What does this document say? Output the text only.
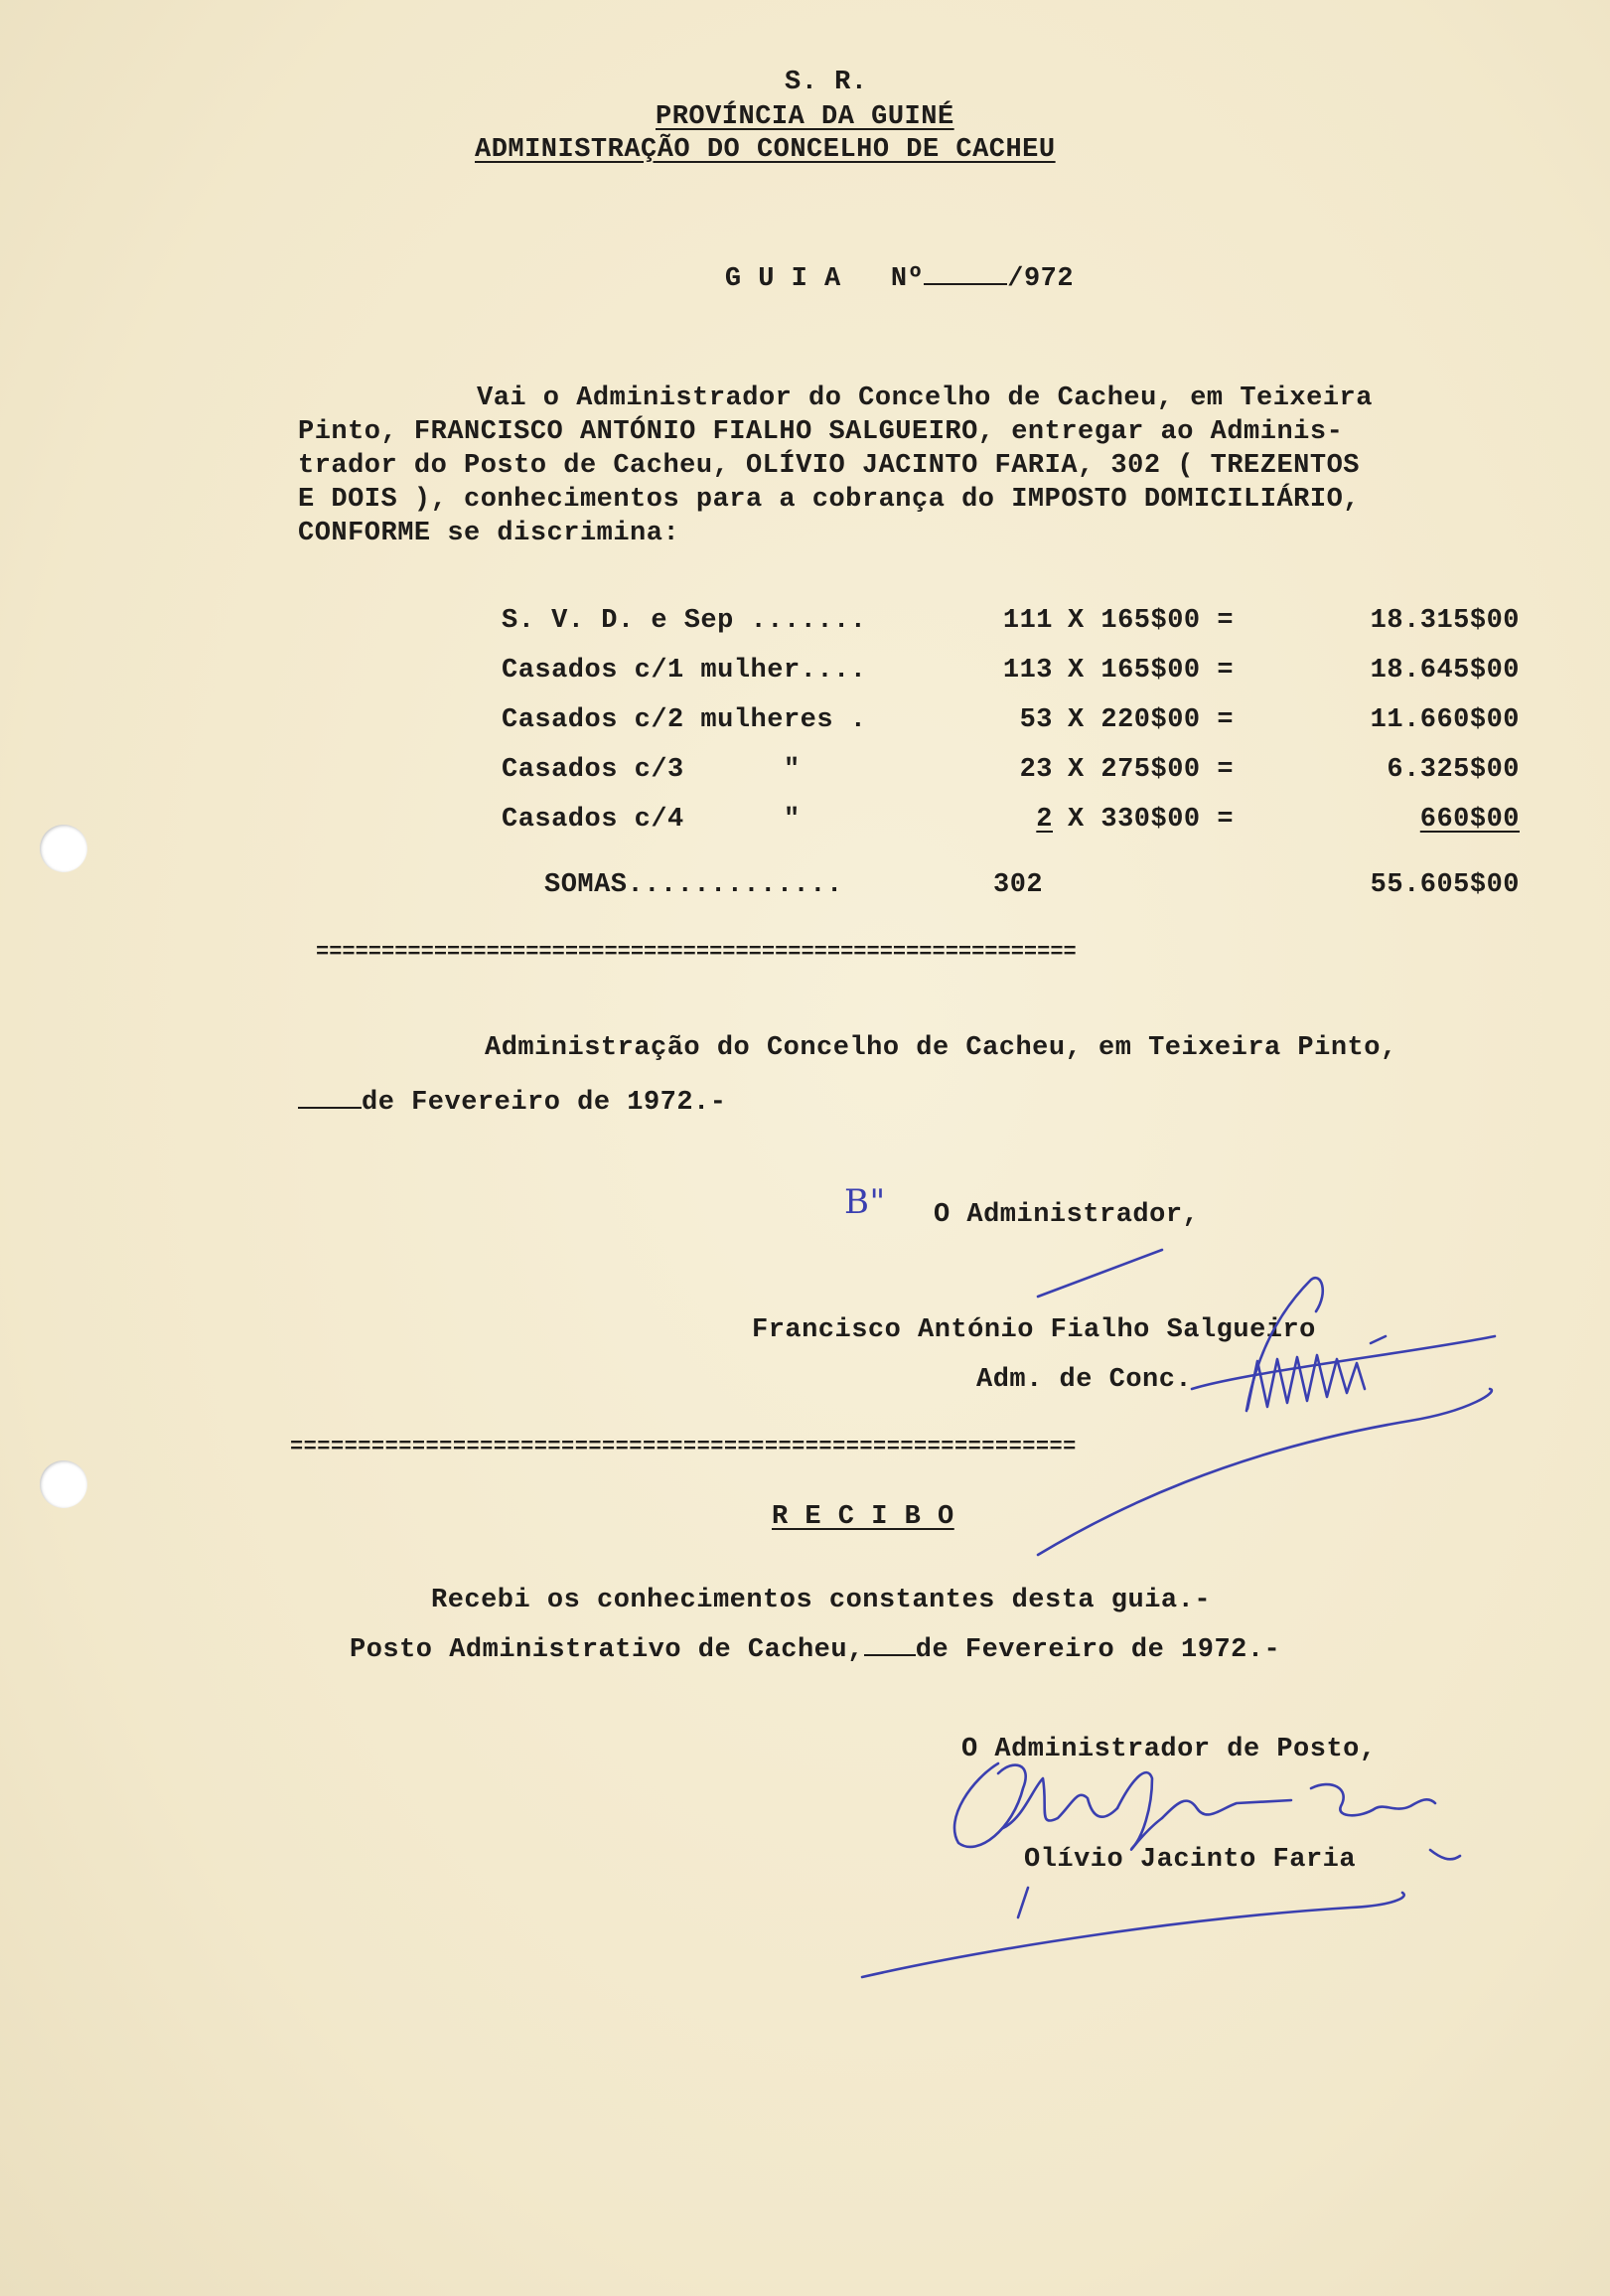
S. R.
PROVÍNCIA DA GUINÉ
ADMINISTRAÇÃO DO CONCELHO DE CACHEU

G U I A Nº	/972

Vai o Administrador do Concelho de Cacheu, em Teixeira
Pinto, FRANCISCO ANTÓNIO FIALHO SALGUEIRO, entregar ao Adminis-
trador do Posto de Cacheu, OLÍVIO JACINTO FARIA, 302 ( TREZENTOS
E DOIS ), conhecimentos para a cobrança do IMPOSTO DOMICILIÁRIO,
CONFORME se discrimina:
S. V. D. e Sep .......	111 X 165$00 =	18.315$00
Casados c/1 mulher....	113 X 165$00 =	18.645$00
Casados c/2 mulheres .	53 X 220$00 =	11.660$00
Casados c/3      "	23 X 275$00 =	6.325$00
Casados c/4      "	2 X 330$00 =	660$00
SOMAS.............	302	55.605$00
==========================================================
Administração do Concelho de Cacheu, em Teixeira Pinto,
de Fevereiro de 1972.-
B" O Administrador,
Francisco António Fialho Salgueiro
Adm. de Conc.
==========================================================
R E C I B O
Recebi os conhecimentos constantes desta guia.-
Posto Administrativo de Cacheu, de Fevereiro de 1972.-
O Administrador de Posto,
Olívio Jacinto Faria
